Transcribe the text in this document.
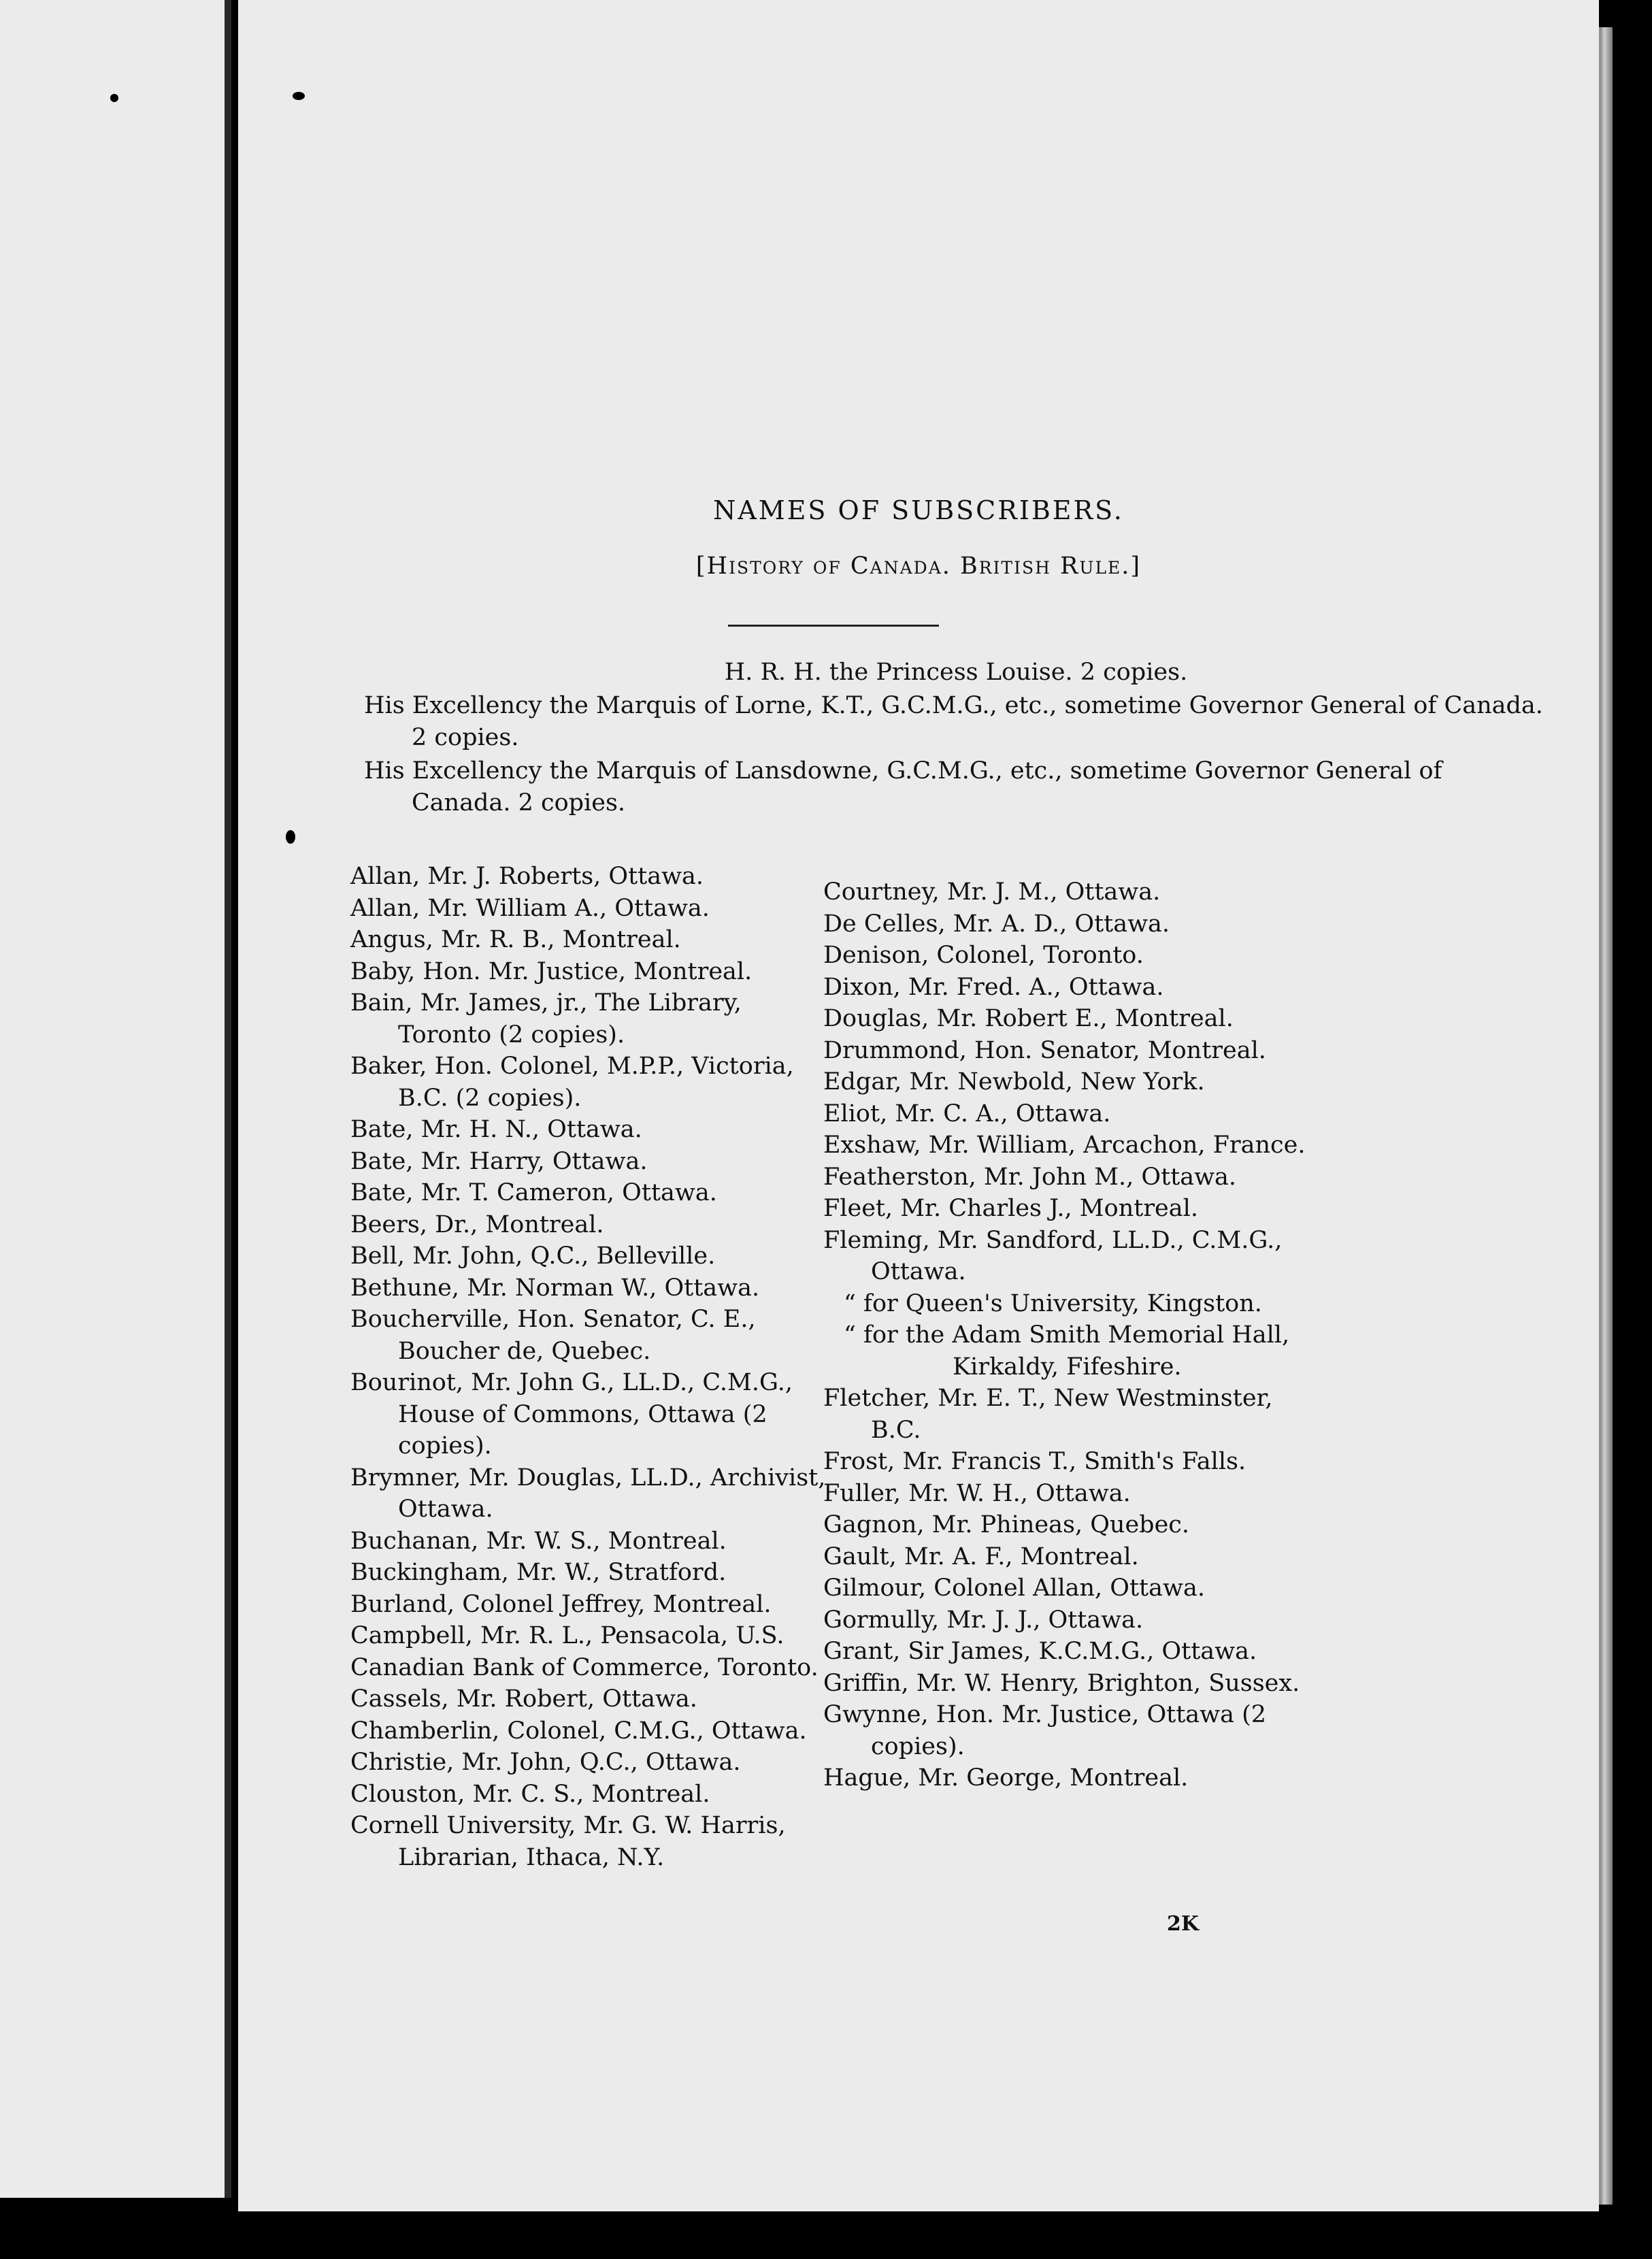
NAMES OF SUBSCRIBERS.
[History of Canada. British Rule.]
H. R. H. the Princess Louise. 2 copies.
His Excellency the Marquis of Lorne, K.T., G.C.M.G., etc., sometime Governor General of Canada. 2 copies.
His Excellency the Marquis of Lansdowne, G.C.M.G., etc., sometime Governor General of Canada. 2 copies.
Allan, Mr. J. Roberts, Ottawa.
Allan, Mr. William A., Ottawa.
Angus, Mr. R. B., Montreal.
Baby, Hon. Mr. Justice, Montreal.
Bain, Mr. James, jr., The Library, Toronto (2 copies).
Baker, Hon. Colonel, M.P.P., Victoria, B.C. (2 copies).
Bate, Mr. H. N., Ottawa.
Bate, Mr. Harry, Ottawa.
Bate, Mr. T. Cameron, Ottawa.
Beers, Dr., Montreal.
Bell, Mr. John, Q.C., Belleville.
Bethune, Mr. Norman W., Ottawa.
Boucherville, Hon. Senator, C. E., Boucher de, Quebec.
Bourinot, Mr. John G., LL.D., C.M.G., House of Commons, Ottawa (2 copies).
Brymner, Mr. Douglas, LL.D., Archivist, Ottawa.
Buchanan, Mr. W. S., Montreal.
Buckingham, Mr. W., Stratford.
Burland, Colonel Jeffrey, Montreal.
Campbell, Mr. R. L., Pensacola, U.S.
Canadian Bank of Commerce, Toronto.
Cassels, Mr. Robert, Ottawa.
Chamberlin, Colonel, C.M.G., Ottawa.
Christie, Mr. John, Q.C., Ottawa.
Clouston, Mr. C. S., Montreal.
Cornell University, Mr. G. W. Harris, Librarian, Ithaca, N.Y.
Courtney, Mr. J. M., Ottawa.
De Celles, Mr. A. D., Ottawa.
Denison, Colonel, Toronto.
Dixon, Mr. Fred. A., Ottawa.
Douglas, Mr. Robert E., Montreal.
Drummond, Hon. Senator, Montreal.
Edgar, Mr. Newbold, New York.
Eliot, Mr. C. A., Ottawa.
Exshaw, Mr. William, Arcachon, France.
Featherston, Mr. John M., Ottawa.
Fleet, Mr. Charles J., Montreal.
Fleming, Mr. Sandford, LL.D., C.M.G., Ottawa.
“ for Queen's University, Kingston.
“ for the Adam Smith Memorial Hall, Kirkaldy, Fifeshire.
Fletcher, Mr. E. T., New Westminster, B.C.
Frost, Mr. Francis T., Smith's Falls.
Fuller, Mr. W. H., Ottawa.
Gagnon, Mr. Phineas, Quebec.
Gault, Mr. A. F., Montreal.
Gilmour, Colonel Allan, Ottawa.
Gormully, Mr. J. J., Ottawa.
Grant, Sir James, K.C.M.G., Ottawa.
Griffin, Mr. W. Henry, Brighton, Sussex.
Gwynne, Hon. Mr. Justice, Ottawa (2 copies).
Hague, Mr. George, Montreal.
2K
